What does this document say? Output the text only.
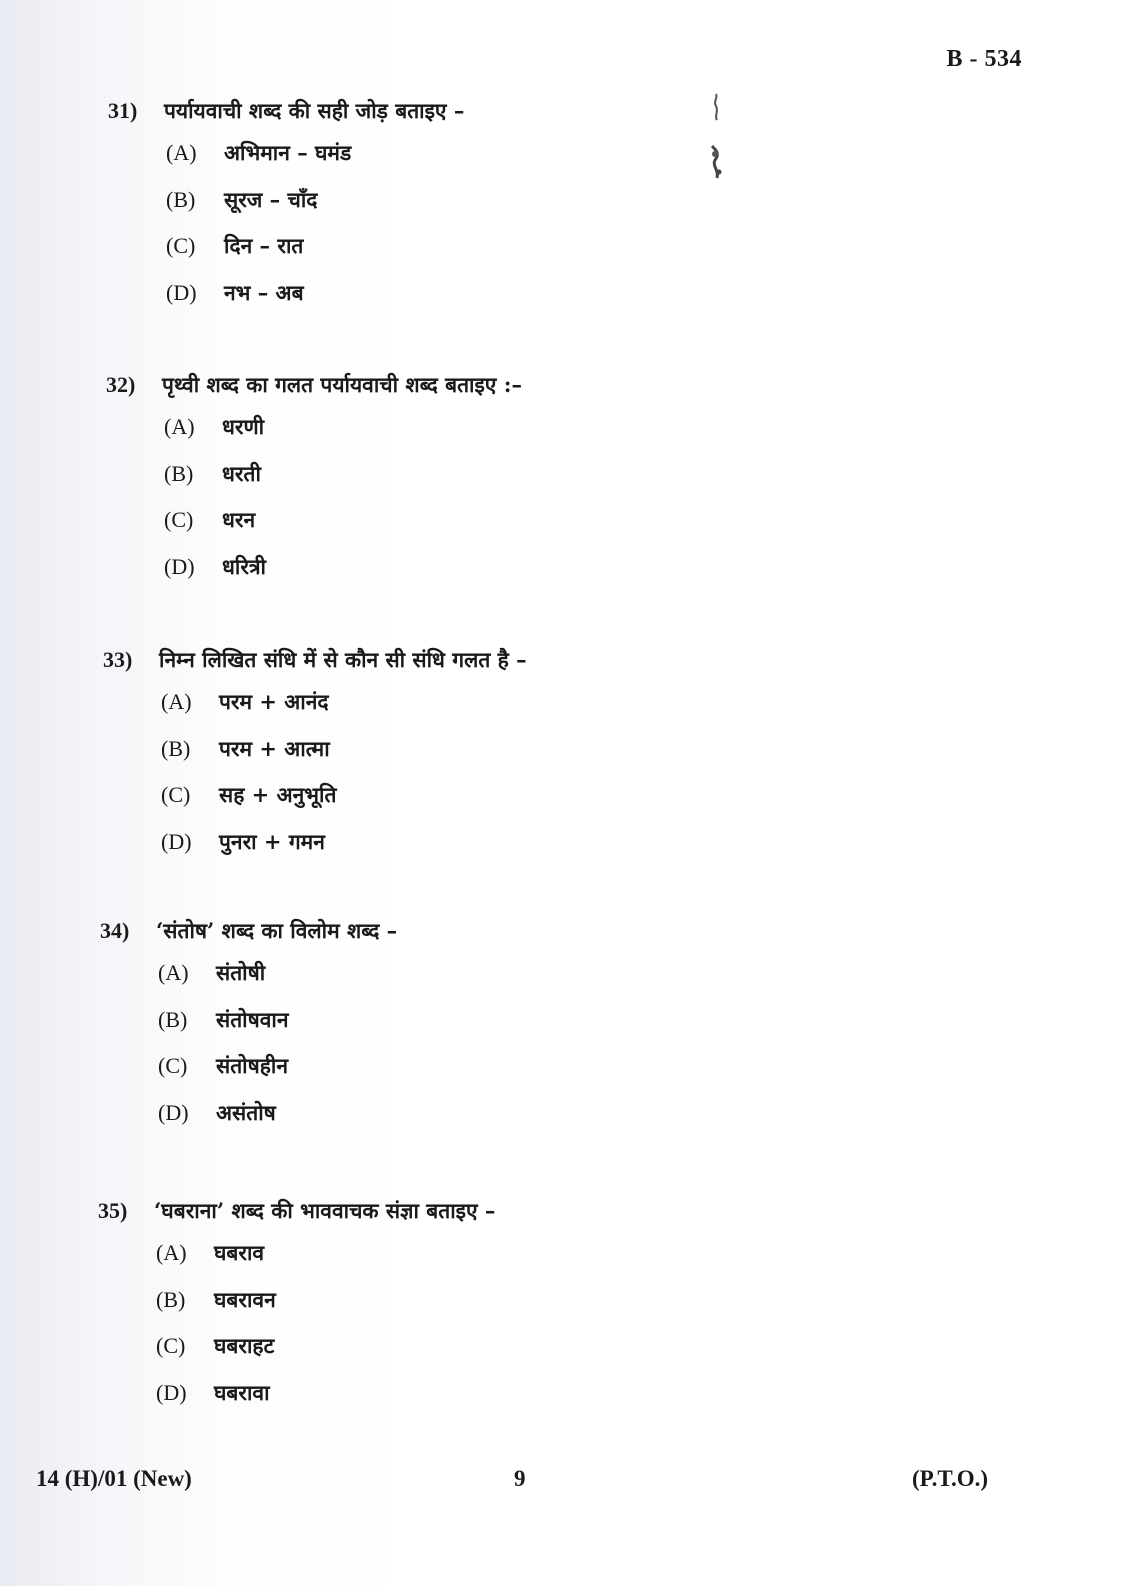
B - 534
31) पर्यायवाची शब्द की सही जोड़ बताइए –
(A) अभिमान – घमंड
(B) सूरज – चाँद
(C) दिन – रात
(D) नभ – अब
32) पृथ्वी शब्द का गलत पर्यायवाची शब्द बताइए :–
(A) धरणी
(B) धरती
(C) धरन
(D) धरित्री
33) निम्न लिखित संधि में से कौन सी संधि गलत है –
(A) परम + आनंद
(B) परम + आत्मा
(C) सह + अनुभूति
(D) पुनरा + गमन
34) ‘संतोष’ शब्द का विलोम शब्द –
(A) संतोषी
(B) संतोषवान
(C) संतोषहीन
(D) असंतोष
35) ‘घबराना’ शब्द की भाववाचक संज्ञा बताइए –
(A) घबराव
(B) घबरावन
(C) घबराहट
(D) घबरावा
14 (H)/01 (New)	9	(P.T.O.)
